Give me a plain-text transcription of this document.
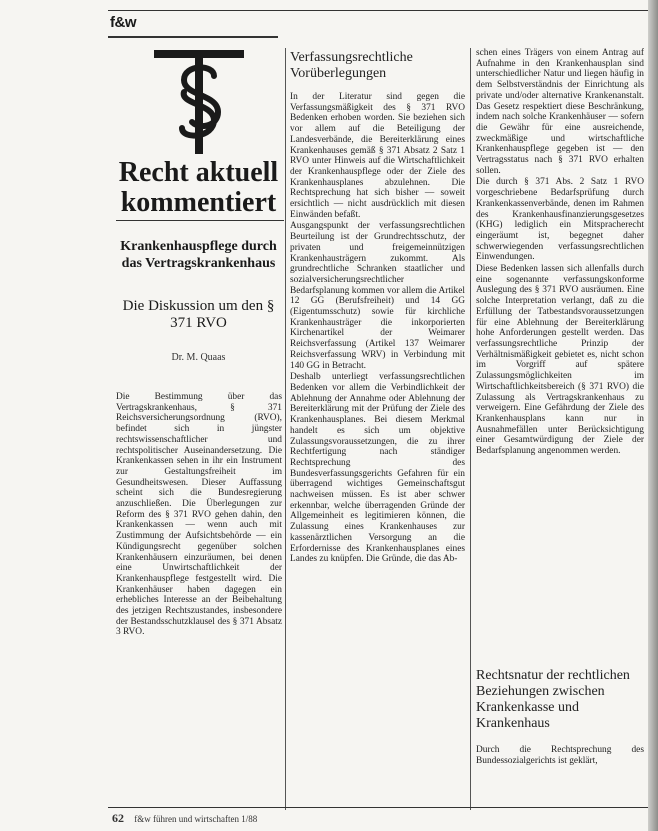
f&w
Recht aktuell kommentiert
Krankenhauspflege durch das Vertragskrankenhaus
Die Diskussion um den § 371 RVO
Dr. M. Quaas

Die Bestimmung über das Vertragskrankenhaus, § 371 Reichsversicherungsordnung (RVO), befindet sich in jüngster rechtswissenschaftlicher und rechtspolitischer Auseinandersetzung. Die Krankenkassen sehen in ihr ein Instrument zur Gestaltungsfreiheit im Gesundheitswesen. Dieser Auffassung scheint sich die Bundesregierung anzuschließen. Die Überlegungen zur Reform des § 371 RVO gehen dahin, den Krankenkassen — wenn auch mit Zustimmung der Aufsichtsbehörde — ein Kündigungsrecht gegenüber solchen Krankenhäusern einzuräumen, bei denen eine Unwirtschaftlichkeit der Krankenhauspflege festgestellt wird. Die Krankenhäuser haben dagegen ein erhebliches Interesse an der Beibehaltung des jetzigen Rechtszustandes, insbesondere der Bestandsschutzklausel des § 371 Absatz 3 RVO.

Verfassungsrechtliche Vorüberlegungen

In der Literatur sind gegen die Verfassungsmäßigkeit des § 371 RVO Bedenken erhoben worden. Sie beziehen sich vor allem auf die Beteiligung der Landesverbände, die Bereiterklärung eines Krankenhauses gemäß § 371 Absatz 2 Satz 1 RVO unter Hinweis auf die Wirtschaftlichkeit der Krankenhauspflege oder der Ziele des Krankenhausplanes abzulehnen. Die Rechtsprechung hat sich bisher — soweit ersichtlich — nicht ausdrücklich mit diesen Einwänden befaßt.

Ausgangspunkt der verfassungsrechtlichen Beurteilung ist der Grundrechtsschutz, der privaten und freigemeinnützigen Krankenhausträgern zukommt. Als grundrechtliche Schranken staatlicher und sozialversicherungsrechtlicher Bedarfsplanung kommen vor allem die Artikel 12 GG (Berufsfreiheit) und 14 GG (Eigentumsschutz) sowie für kirchliche Krankenhausträger die inkorporierten Kirchenartikel der Weimarer Reichsverfassung (Artikel 137 Weimarer Reichsverfassung WRV) in Verbindung mit 140 GG in Betracht.

Deshalb unterliegt verfassungsrechtlichen Bedenken vor allem die Verbindlichkeit der Ablehnung der Annahme oder Ablehnung der Bereiterklärung mit der Prüfung der Ziele des Krankenhausplanes. Bei diesem Merkmal handelt es sich um objektive Zulassungsvoraussetzungen, die zu ihrer Rechtfertigung nach ständiger Rechtsprechung des Bundesverfassungsgerichts Gefahren für ein überragend wichtiges Gemeinschaftsgut nachweisen müssen. Es ist aber schwer erkennbar, welche überragenden Gründe der Allgemeinheit es legitimieren können, die Zulassung eines Krankenhauses zur kassenärztlichen Versorgung an die Erfordernisse des Krankenhausplanes eines Landes zu knüpfen. Die Gründe, die das Ab-

schen eines Trägers von einem Antrag auf Aufnahme in den Krankenhausplan sind unterschiedlicher Natur und liegen häufig in dem Selbstverständnis der Einrichtung als private und/oder alternative Krankenanstalt. Das Gesetz respektiert diese Beschränkung, indem nach solche Krankenhäuser — sofern die Gewähr für eine ausreichende, zweckmäßige und wirtschaftliche Krankenhauspflege gegeben ist — den Vertragsstatus nach § 371 RVO erhalten sollen.

Die durch § 371 Abs. 2 Satz 1 RVO vorgeschriebene Bedarfsprüfung durch Krankenkassenverbände, denen im Rahmen des Krankenhausfinanzierungsgesetzes (KHG) lediglich ein Mitspracherecht eingeräumt ist, begegnet daher schwerwiegenden verfassungsrechtlichen Einwendungen.

Diese Bedenken lassen sich allenfalls durch eine sogenannte verfassungskonforme Auslegung des § 371 RVO ausräumen. Eine solche Interpretation verlangt, daß zu die Erfüllung der Tatbestandsvoraussetzungen für eine Ablehnung der Bereiterklärung hohe Anforderungen gestellt werden. Das verfassungsrechtliche Prinzip der Verhältnismäßigkeit gebietet es, nicht schon im Vorgriff auf spätere Zulassungsmöglichkeiten im Wirtschaftlichkeitsbereich (§ 371 RVO) die Zulassung als Vertragskrankenhaus zu verweigern. Eine Gefährdung der Ziele des Krankenhausplans kann nur in Ausnahmefällen unter Berücksichtigung einer Gesamtwürdigung der Ziele der Bedarfsplanung angenommen werden.

Rechtsnatur der rechtlichen Beziehungen zwischen Krankenkasse und Krankenhaus
Durch die Rechtsprechung des Bundessozialgerichts ist geklärt,
62 f&w führen und wirtschaften 1/88
